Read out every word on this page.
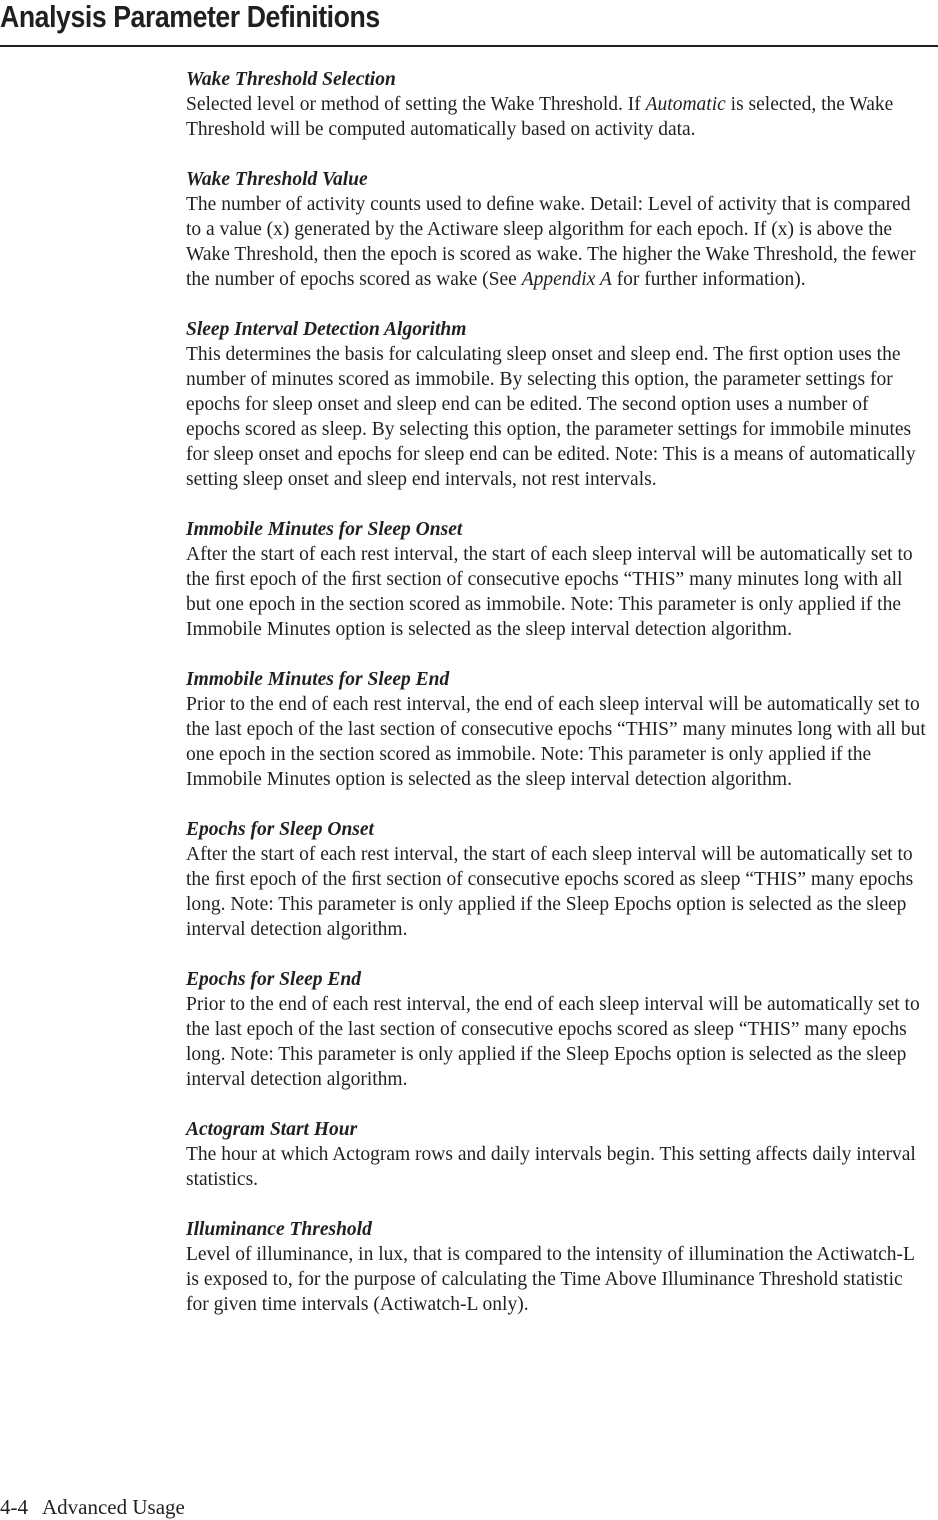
Analysis Parameter Definitions

Wake Threshold Selection

Selected level or method of setting the Wake Threshold. If Automatic is selected, the Wake Threshold will be computed automatically based on activity data.

Wake Threshold Value

The number of activity counts used to deﬁne wake. Detail: Level of activity that is compared to a value (x) generated by the Actiware sleep algorithm for each epoch. If (x) is above the Wake Threshold, then the epoch is scored as wake. The higher the Wake Threshold, the fewer the number of epochs scored as wake (See Appendix A for further information).

Sleep Interval Detection Algorithm

This determines the basis for calculating sleep onset and sleep end. The ﬁrst option uses the number of minutes scored as immobile. By selecting this option, the parameter settings for epochs for sleep onset and sleep end can be edited. The second option uses a number of epochs scored as sleep. By selecting this option, the parameter settings for immobile minutes for sleep onset and epochs for sleep end can be edited. Note: This is a means of automatically setting sleep onset and sleep end intervals, not rest intervals.

Immobile Minutes for Sleep Onset

After the start of each rest interval, the start of each sleep interval will be automatically set to the ﬁrst epoch of the ﬁrst section of consecutive epochs “THIS” many minutes long with all but one epoch in the section scored as immobile. Note: This parameter is only applied if the Immobile Minutes option is selected as the sleep interval detection algorithm.

Immobile Minutes for Sleep End

Prior to the end of each rest interval, the end of each sleep interval will be automatically set to the last epoch of the last section of consecutive epochs “THIS” many minutes long with all but one epoch in the section scored as immobile. Note: This parameter is only applied if the Immobile Minutes option is selected as the sleep interval detection algorithm.

Epochs for Sleep Onset

After the start of each rest interval, the start of each sleep interval will be automatically set to the ﬁrst epoch of the ﬁrst section of consecutive epochs scored as sleep “THIS” many epochs long. Note: This parameter is only applied if the Sleep Epochs option is selected as the sleep interval detection algorithm.

Epochs for Sleep End

Prior to the end of each rest interval, the end of each sleep interval will be automatically set to the last epoch of the last section of consecutive epochs scored as sleep “THIS” many epochs long. Note: This parameter is only applied if the Sleep Epochs option is selected as the sleep interval detection algorithm.

Actogram Start Hour

The hour at which Actogram rows and daily intervals begin. This setting affects daily interval statistics.

Illuminance Threshold

Level of illuminance, in lux, that is compared to the intensity of illumination the Actiwatch-L is exposed to, for the purpose of calculating the Time Above Illuminance Threshold statistic for given time intervals (Actiwatch-L only).

4-4 Advanced Usage
